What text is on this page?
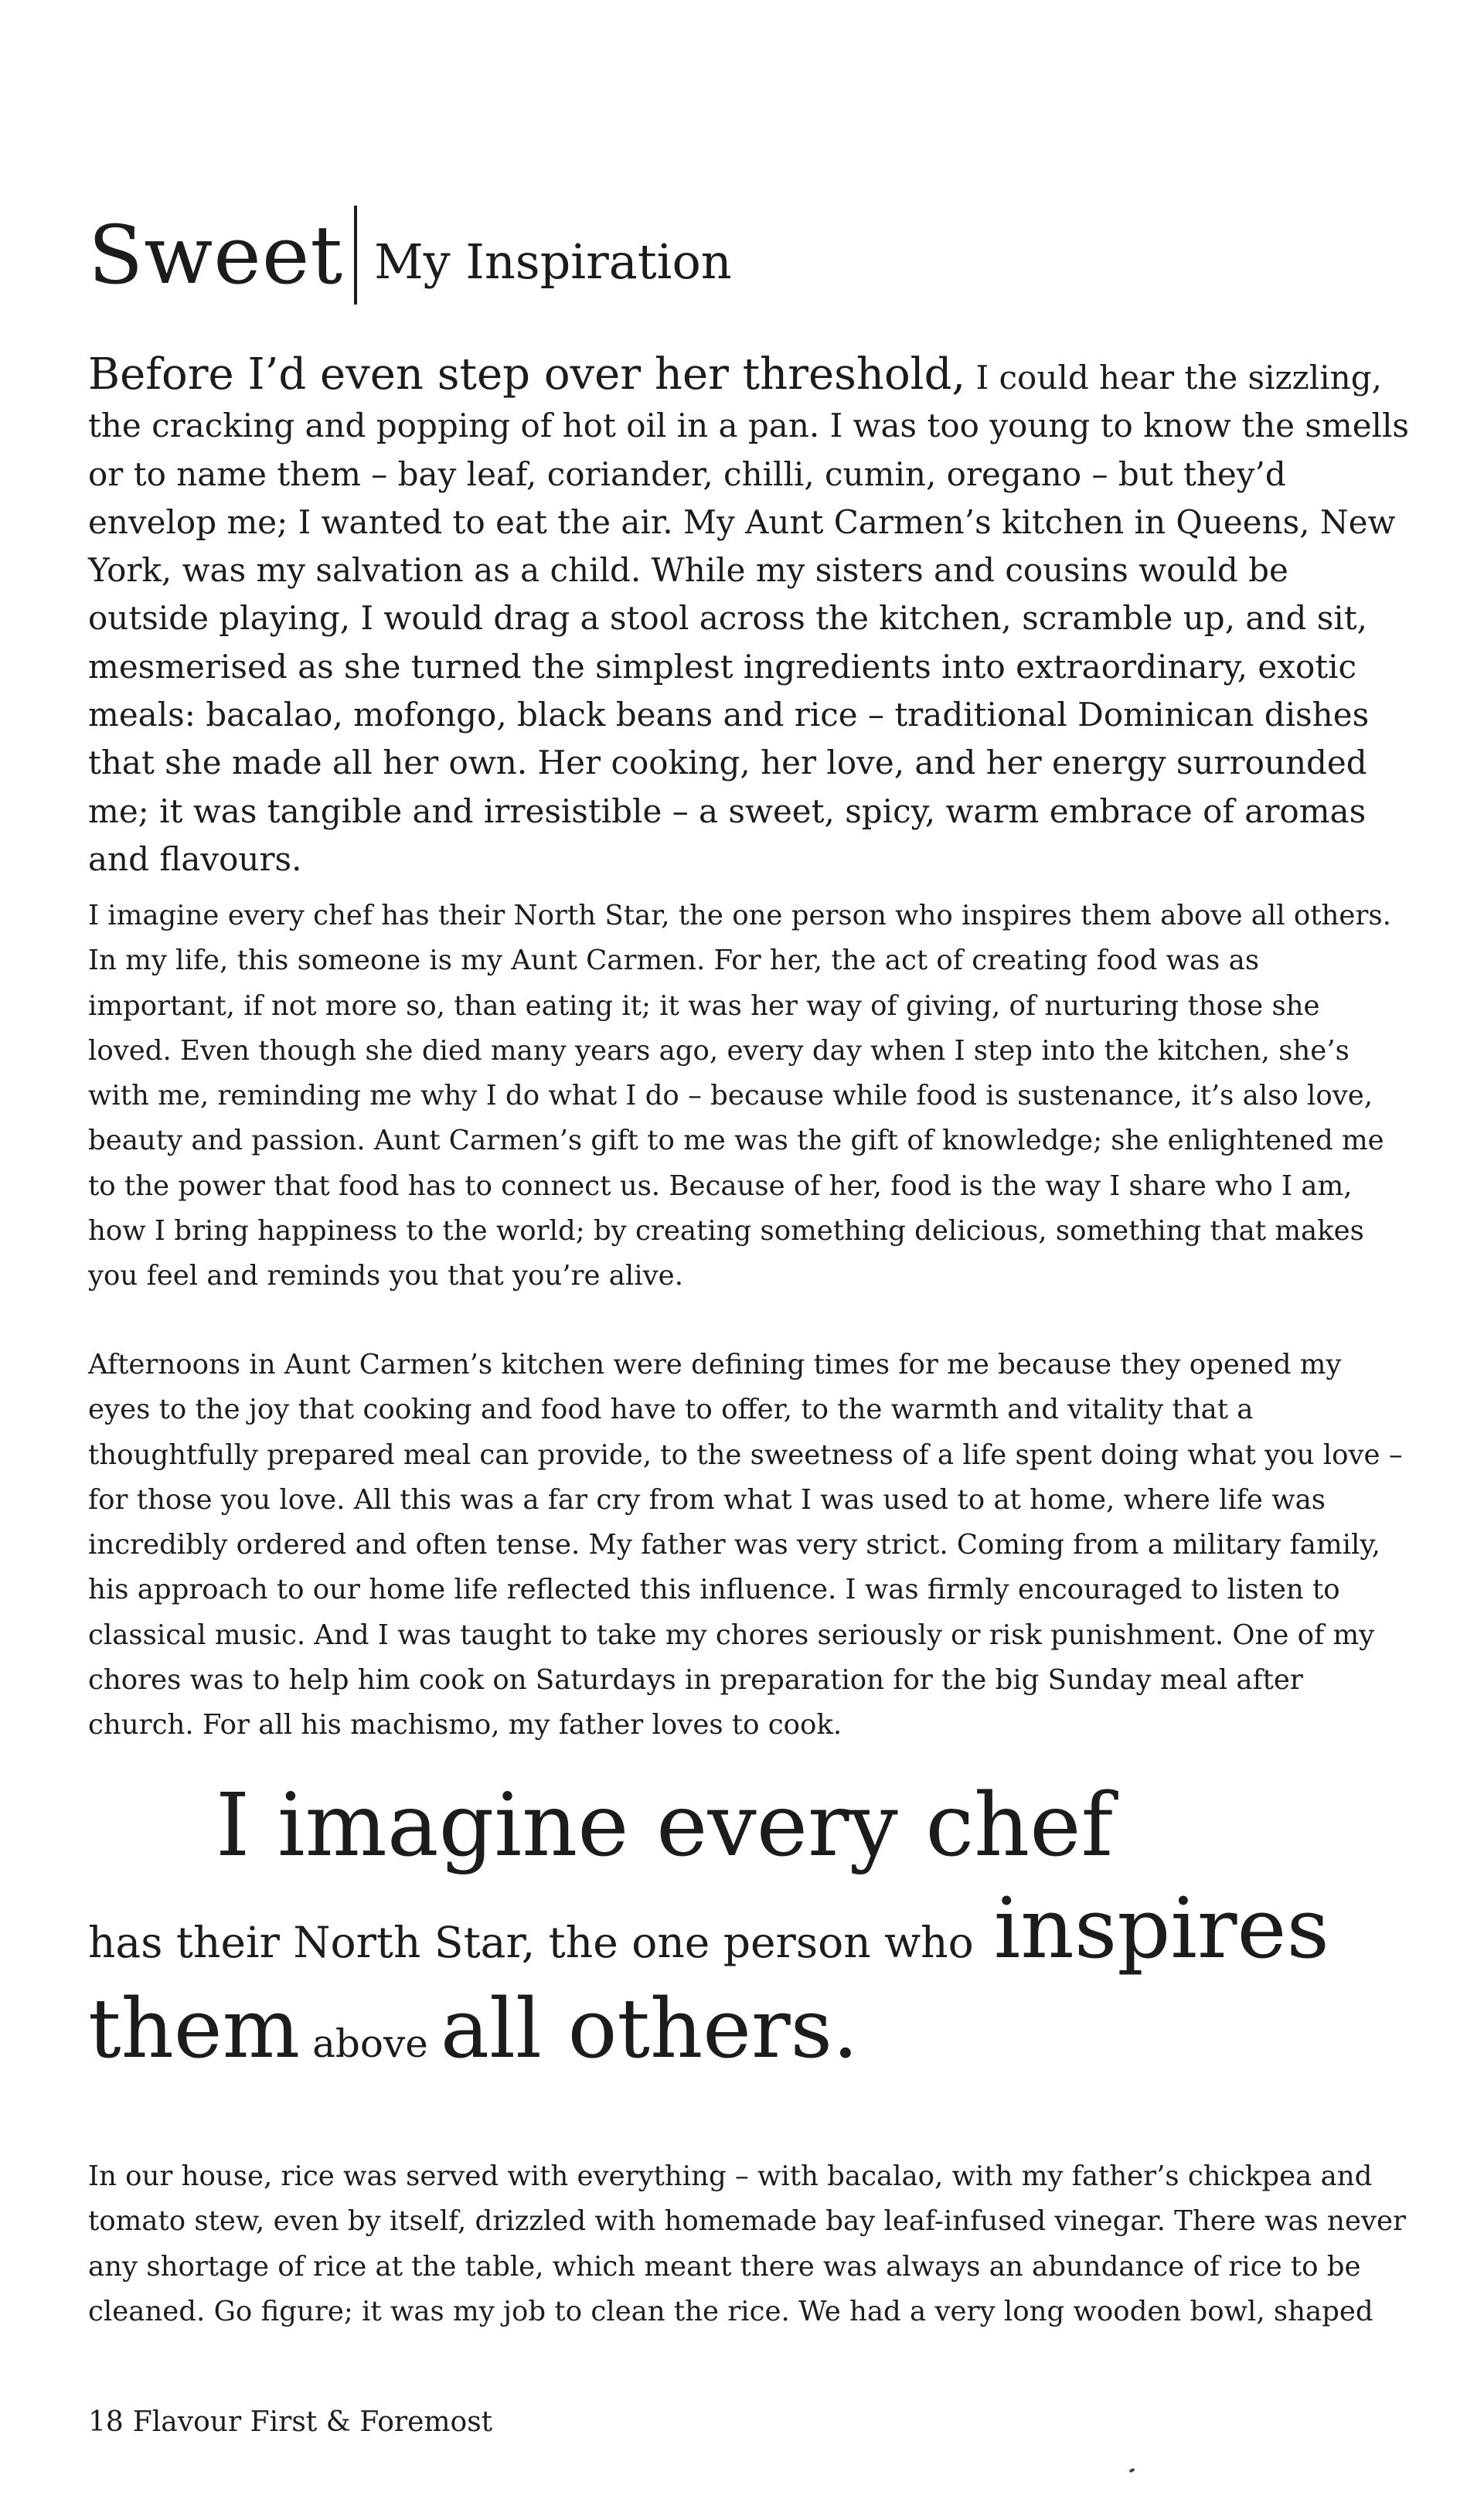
Sweet My Inspiration

Before I’d even step over her threshold, I could hear the sizzling, the cracking and popping of hot oil in a pan. I was too young to know the smells or to name them – bay leaf, coriander, chilli, cumin, oregano – but they’d envelop me; I wanted to eat the air. My Aunt Carmen’s kitchen in Queens, New York, was my salvation as a child. While my sisters and cousins would be outside playing, I would drag a stool across the kitchen, scramble up, and sit, mesmerised as she turned the simplest ingredients into extraordinary, exotic meals: bacalao, mofongo, black beans and rice – traditional Dominican dishes that she made all her own. Her cooking, her love, and her energy surrounded me; it was tangible and irresistible – a sweet, spicy, warm embrace of aromas and flavours.

I imagine every chef has their North Star, the one person who inspires them above all others. In my life, this someone is my Aunt Carmen. For her, the act of creating food was as important, if not more so, than eating it; it was her way of giving, of nurturing those she loved. Even though she died many years ago, every day when I step into the kitchen, she’s with me, reminding me why I do what I do – because while food is sustenance, it’s also love, beauty and passion. Aunt Carmen’s gift to me was the gift of knowledge; she enlightened me to the power that food has to connect us. Because of her, food is the way I share who I am, how I bring happiness to the world; by creating something delicious, something that makes you feel and reminds you that you’re alive.

Afternoons in Aunt Carmen’s kitchen were defining times for me because they opened my eyes to the joy that cooking and food have to offer, to the warmth and vitality that a thoughtfully prepared meal can provide, to the sweetness of a life spent doing what you love – for those you love. All this was a far cry from what I was used to at home, where life was incredibly ordered and often tense. My father was very strict. Coming from a military family, his approach to our home life reflected this influence. I was firmly encouraged to listen to classical music. And I was taught to take my chores seriously or risk punishment. One of my chores was to help him cook on Saturdays in preparation for the big Sunday meal after church. For all his machismo, my father loves to cook.

I imagine every chef
has their North Star, the one person who inspires
them above all others.

In our house, rice was served with everything – with bacalao, with my father’s chickpea and tomato stew, even by itself, drizzled with homemade bay leaf-infused vinegar. There was never any shortage of rice at the table, which meant there was always an abundance of rice to be cleaned. Go figure; it was my job to clean the rice. We had a very long wooden bowl, shaped

18 Flavour First & Foremost
